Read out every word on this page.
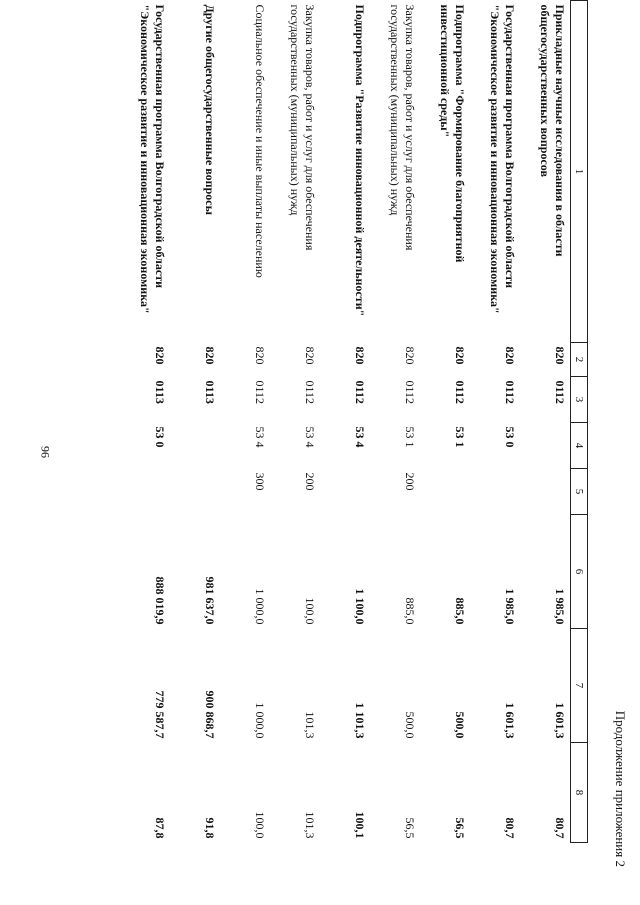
96
Продолжение приложения 2
1	2	3	4	5	6	7	8
Прикладные научные исследования в области общегосударственных вопросов	820	0112			1 985,0	1 601,3	80,7
Государственная программа Волгоградской области "Экономическое развитие и инновационная экономика"	820	0112	53 0		1 985,0	1 601,3	80,7
Подпрограмма "Формирование благоприятной инвестиционной среды"	820	0112	53 1		885,0	500,0	56,5
Закупка товаров, работ и услуг для обеспечения государственных (муниципальных) нужд	820	0112	53 1	200	885,0	500,0	56,5
Подпрограмма "Развитие инновационной деятельности"	820	0112	53 4		1 100,0	1 101,3	100,1
Закупка товаров, работ и услуг для обеспечения государственных (муниципальных) нужд	820	0112	53 4	200	100,0	101,3	101,3
Социальное обеспечение и иные выплаты населению	820	0112	53 4	300	1 000,0	1 000,0	100,0
Другие общегосударственные вопросы	820	0113			981 637,0	900 868,7	91,8
Государственная программа Волгоградской области "Экономическое развитие и инновационная экономика"	820	0113	53 0		888 019,9	779 587,7	87,8
